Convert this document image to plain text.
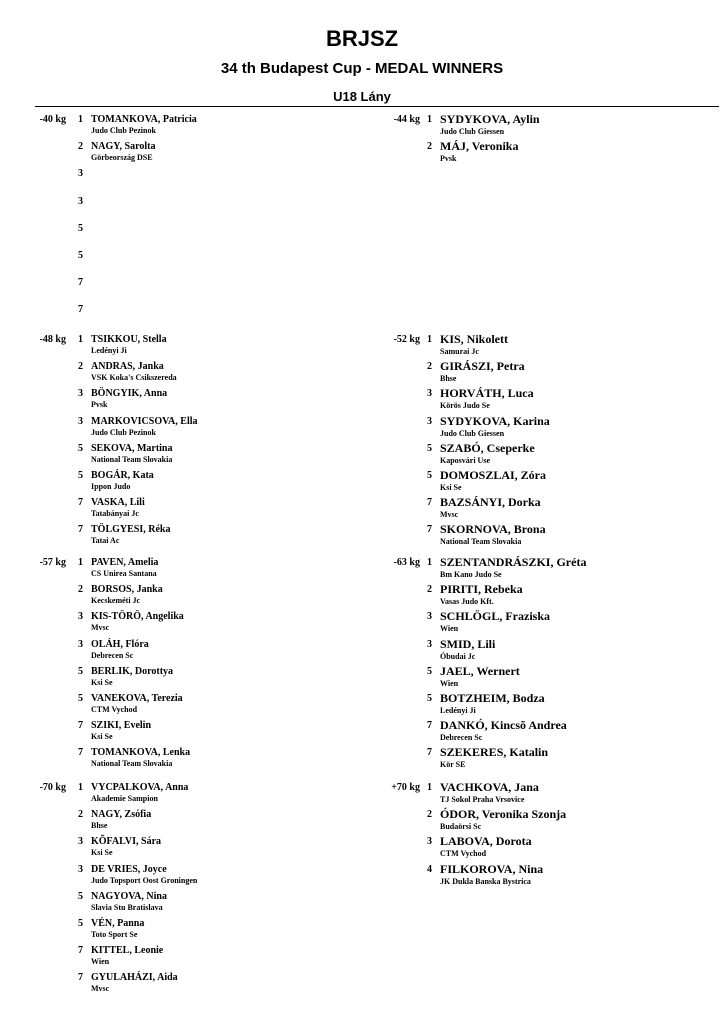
BRJSZ
34 th Budapest Cup - MEDAL WINNERS
U18 Lány
-40 kg 1 TOMANKOVA, Patricia
Judo Club Pezinok
2 NAGY, Sarolta
Görbeország DSE
3
3
5
5
7
7
-44 kg 1 SYDYKOVA, Aylin
Judo Club Giessen
2 MÁJ, Veronika
Pvsk
-48 kg 1 TSIKKOU, Stella
Ledényi Ji
2 ANDRAS, Janka
VSK Koka's Csikszereda
3 BÖNGYIK, Anna
Pvsk
3 MARKOVICSOVA, Ella
Judo Club Pezinok
5 SEKOVA, Martina
National Team Slovakia
5 BOGÁR, Kata
Ippon Judo
7 VASKA, Lili
Tatabányai Jc
7 TÖLGYESI, Réka
Tatai Ac
-52 kg 1 KIS, Nikolett
Samurai Jc
2 GIRÁSZI, Petra
Bhse
3 HORVÁTH, Luca
Körös Judo Se
3 SYDYKOVA, Karina
Judo Club Giessen
5 SZABÓ, Cseperke
Kaposvári Use
5 DOMOSZLAI, Zóra
Ksi Se
7 BAZSÁNYI, Dorka
Mvsc
7 SKORNOVA, Brona
National Team Slovakia
-57 kg 1 PAVEN, Amelia
CS Unirea Santana
2 BORSOS, Janka
Kecskeméti Jc
3 KIS-TÖRÖ, Angelika
Mvsc
3 OLÁH, Flóra
Debrecen Sc
5 BERLIK, Dorottya
Ksi Se
5 VANEKOVA, Terezia
CTM Vychod
7 SZIKI, Evelin
Ksi Se
7 TOMANKOVA, Lenka
National Team Slovakia
-63 kg 1 SZENTANDRÁSZKI, Gréta
Bm Kano Judo Se
2 PIRITI, Rebeka
Vasas Judo Kft.
3 SCHLÖGL, Fraziska
Wien
3 SMID, Lili
Óbudai Jc
5 JAEL, Wernert
Wien
5 BOTZHEIM, Bodza
Ledényi Ji
7 DANKÓ, Kincsõ Andrea
Debrecen Sc
7 SZEKERES, Katalin
Kör SE
-70 kg 1 VYCPALKOVA, Anna
Akademie Sampion
2 NAGY, Zsófia
Bhse
3 KÕFALVI, Sára
Ksi Se
3 DE VRIES, Joyce
Judo Topsport Oost Groningen
5 NAGYOVA, Nina
Slavia Stu Bratislava
5 VÉN, Panna
Toto Sport Se
7 KITTEL, Leonie
Wien
7 GYULAHÁZI, Aida
Mvsc
+70 kg 1 VACHKOVA, Jana
TJ Sokol Praha Vrsovice
2 ÓDOR, Veronika Szonja
Budaörsi Sc
3 LABOVA, Dorota
CTM Vychod
4 FILKOROVA, Nina
JK Dukla Banska Bystrica
